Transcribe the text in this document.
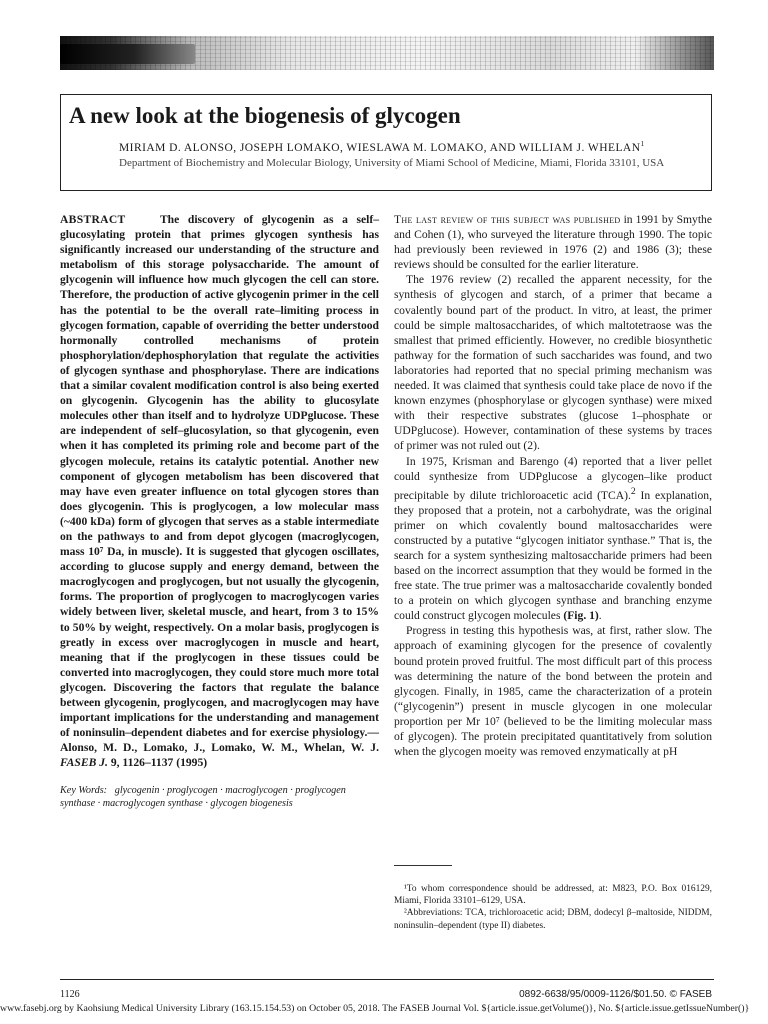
A new look at the biogenesis of glycogen
MIRIAM D. ALONSO, JOSEPH LOMAKO, WIESLAWA M. LOMAKO, AND WILLIAM J. WHELAN$^1$
Department of Biochemistry and Molecular Biology, University of Miami School of Medicine, Miami, Florida 33101, USA

ABSTRACT	The discovery of glycogenin as a self–glucosylating protein that primes glycogen synthesis has significantly increased our understanding of the structure and metabolism of this storage polysaccharide. The amount of glycogenin will influence how much glycogen the cell can store. Therefore, the production of active glycogenin primer in the cell has the potential to be the overall rate–limiting process in glycogen formation, capable of overriding the better understood hormonally controlled mechanisms of protein phosphorylation/dephosphorylation that regulate the activities of glycogen synthase and phosphorylase. There are indications that a similar covalent modification control is also being exerted on glycogenin. Glycogenin has the ability to glucosylate molecules other than itself and to hydrolyze UDPglucose. These are independent of self–glucosylation, so that glycogenin, even when it has completed its priming role and become part of the glycogen molecule, retains its catalytic potential. Another new component of glycogen metabolism has been discovered that may have even greater influence on total glycogen stores than does glycogenin. This is proglycogen, a low molecular mass (~400 kDa) form of glycogen that serves as a stable intermediate on the pathways to and from depot glycogen (macroglycogen, mass 10⁷ Da, in muscle). It is suggested that glycogen oscillates, according to glucose supply and energy demand, between the macroglycogen and proglycogen, but not usually the glycogenin, forms. The proportion of proglycogen to macroglycogen varies widely between liver, skeletal muscle, and heart, from 3 to 15% to 50% by weight, respectively. On a molar basis, proglycogen is greatly in excess over macroglycogen in muscle and heart, meaning that if the proglycogen in these tissues could be converted into macroglycogen, they could store much more total glycogen. Discovering the factors that regulate the balance between glycogenin, proglycogen, and macroglycogen may have important implications for the understanding and management of noninsulin–dependent diabetes and for exercise physiology.—Alonso, M. D., Lomako, J., Lomako, W. M., Whelan, W. J. FASEB J. 9, 1126–1137 (1995)

Key Words: glycogenin · proglycogen · macroglycogen · proglycogen synthase · macroglycogen synthase · glycogen biogenesis

The last review of this subject was published in 1991 by Smythe and Cohen (1), who surveyed the literature through 1990. The topic had previously been reviewed in 1976 (2) and 1986 (3); these reviews should be consulted for the earlier literature.

The 1976 review (2) recalled the apparent necessity, for the synthesis of glycogen and starch, of a primer that became a covalently bound part of the product. In vitro, at least, the primer could be simple maltosaccharides, of which maltotetraose was the smallest that primed efficiently. However, no credible biosynthetic pathway for the formation of such saccharides was found, and two laboratories had reported that no special priming mechanism was needed. It was claimed that synthesis could take place de novo if the known enzymes (phosphorylase or glycogen synthase) were mixed with their respective substrates (glucose 1–phosphate or UDPglucose). However, contamination of these systems by traces of primer was not ruled out (2).

In 1975, Krisman and Barengo (4) reported that a liver pellet could synthesize from UDPglucose a glycogen–like product precipitable by dilute trichloroacetic acid (TCA).$^2$ In explanation, they proposed that a protein, not a carbohydrate, was the original primer on which covalently bound maltosaccharides were constructed by a putative “glycogen initiator synthase.” That is, the search for a system synthesizing maltosaccharide primers had been based on the incorrect assumption that they would be formed in the free state. The true primer was a maltosaccharide covalently bonded to a protein on which glycogen synthase and branching enzyme could construct glycogen molecules (Fig. 1).

Progress in testing this hypothesis was, at first, rather slow. The approach of examining glycogen for the presence of covalently bound protein proved fruitful. The most difficult part of this process was determining the nature of the bond between the protein and glycogen. Finally, in 1985, came the characterization of a protein (“glycogenin”) present in muscle glycogen in one molecular proportion per Mr 10⁷ (believed to be the limiting molecular mass of glycogen). The protein precipitated quantitatively from solution when the glycogen moeity was removed enzymatically at pH

¹To whom correspondence should be addressed, at: M823, P.O. Box 016129, Miami, Florida 33101–6129, USA.

²Abbreviations: TCA, trichloroacetic acid; DBM, dodecyl β–maltoside, NIDDM, noninsulin–dependent (type II) diabetes.

1126	0892-6638/95/0009-1126/$01.50. © FASEB
www.fasebj.org by Kaohsiung Medical University Library (163.15.154.53) on October 05, 2018. The FASEB Journal Vol. ${article.issue.getVolume()}, No. ${article.issue.getIssueNumber()}
